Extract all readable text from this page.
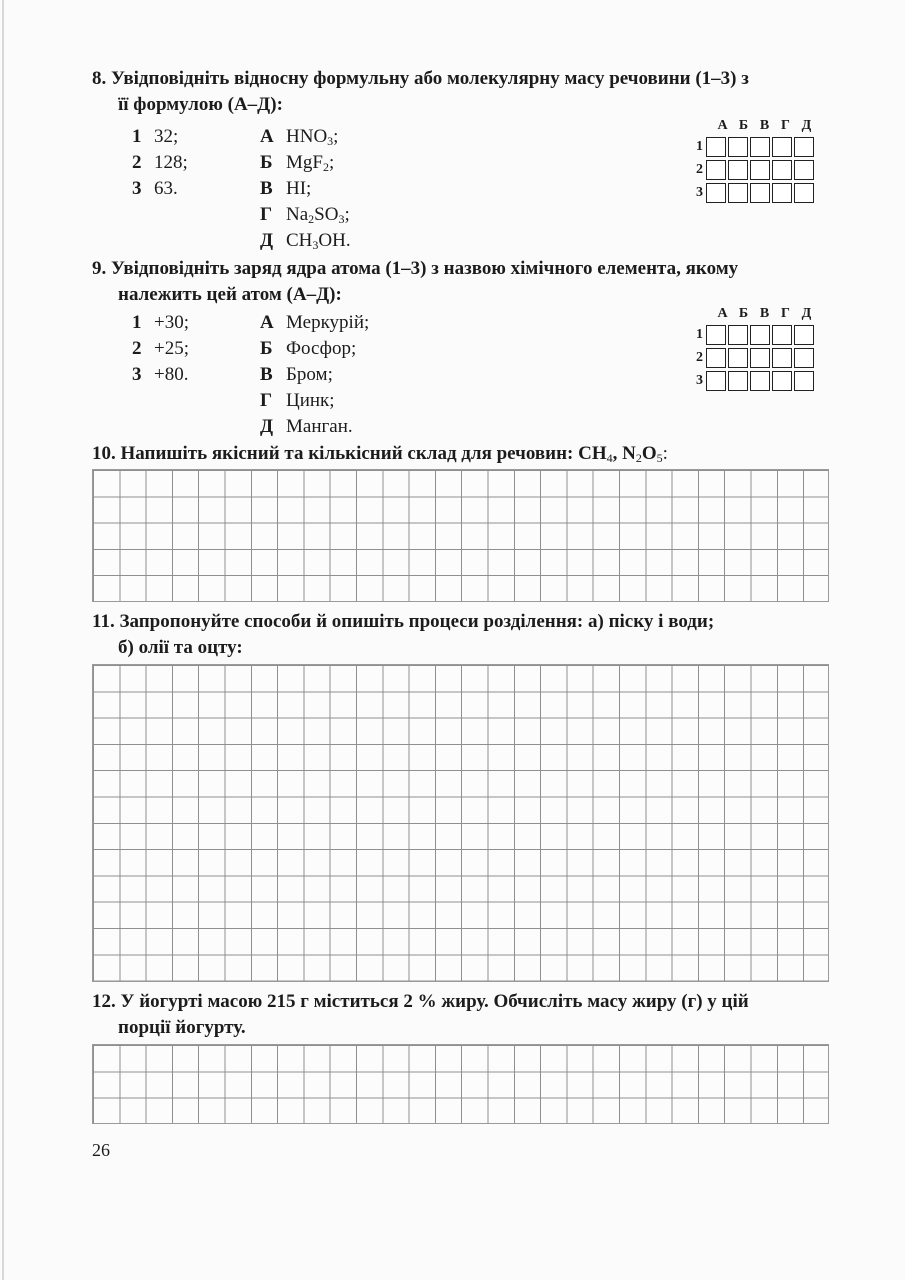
8. Увідповідніть відносну формульну або молекулярну масу речовини (1–3) з
її формулою (А–Д):
1 32;
2 128;
3 63.
А $HNO_3$;
Б MgF$_2$;
В HI;
Г $Na_2SO_3$;
Д $CH_3OH$.
А Б В Г Д
1
2
3
9. Увідповідніть заряд ядра атома (1–3) з назвою хімічного елемента, якому
належить цей атом (А–Д):
1 +30;
2 +25;
3 +80.
А Меркурій;
Б Фосфор;
В Бром;
Г Цинк;
Д Манган.
А Б В Г Д
1
2
3
10. Напишіть якісний та кількісний склад для речовин: $CH_4$, $N_2O_5$:
11. Запропонуйте способи й опишіть процеси розділення: а) піску і води;
б) олії та оцту:
12. У йогурті масою 215 г міститься 2 % жиру. Обчисліть масу жиру (г) у цій
порції йогурту.
26
